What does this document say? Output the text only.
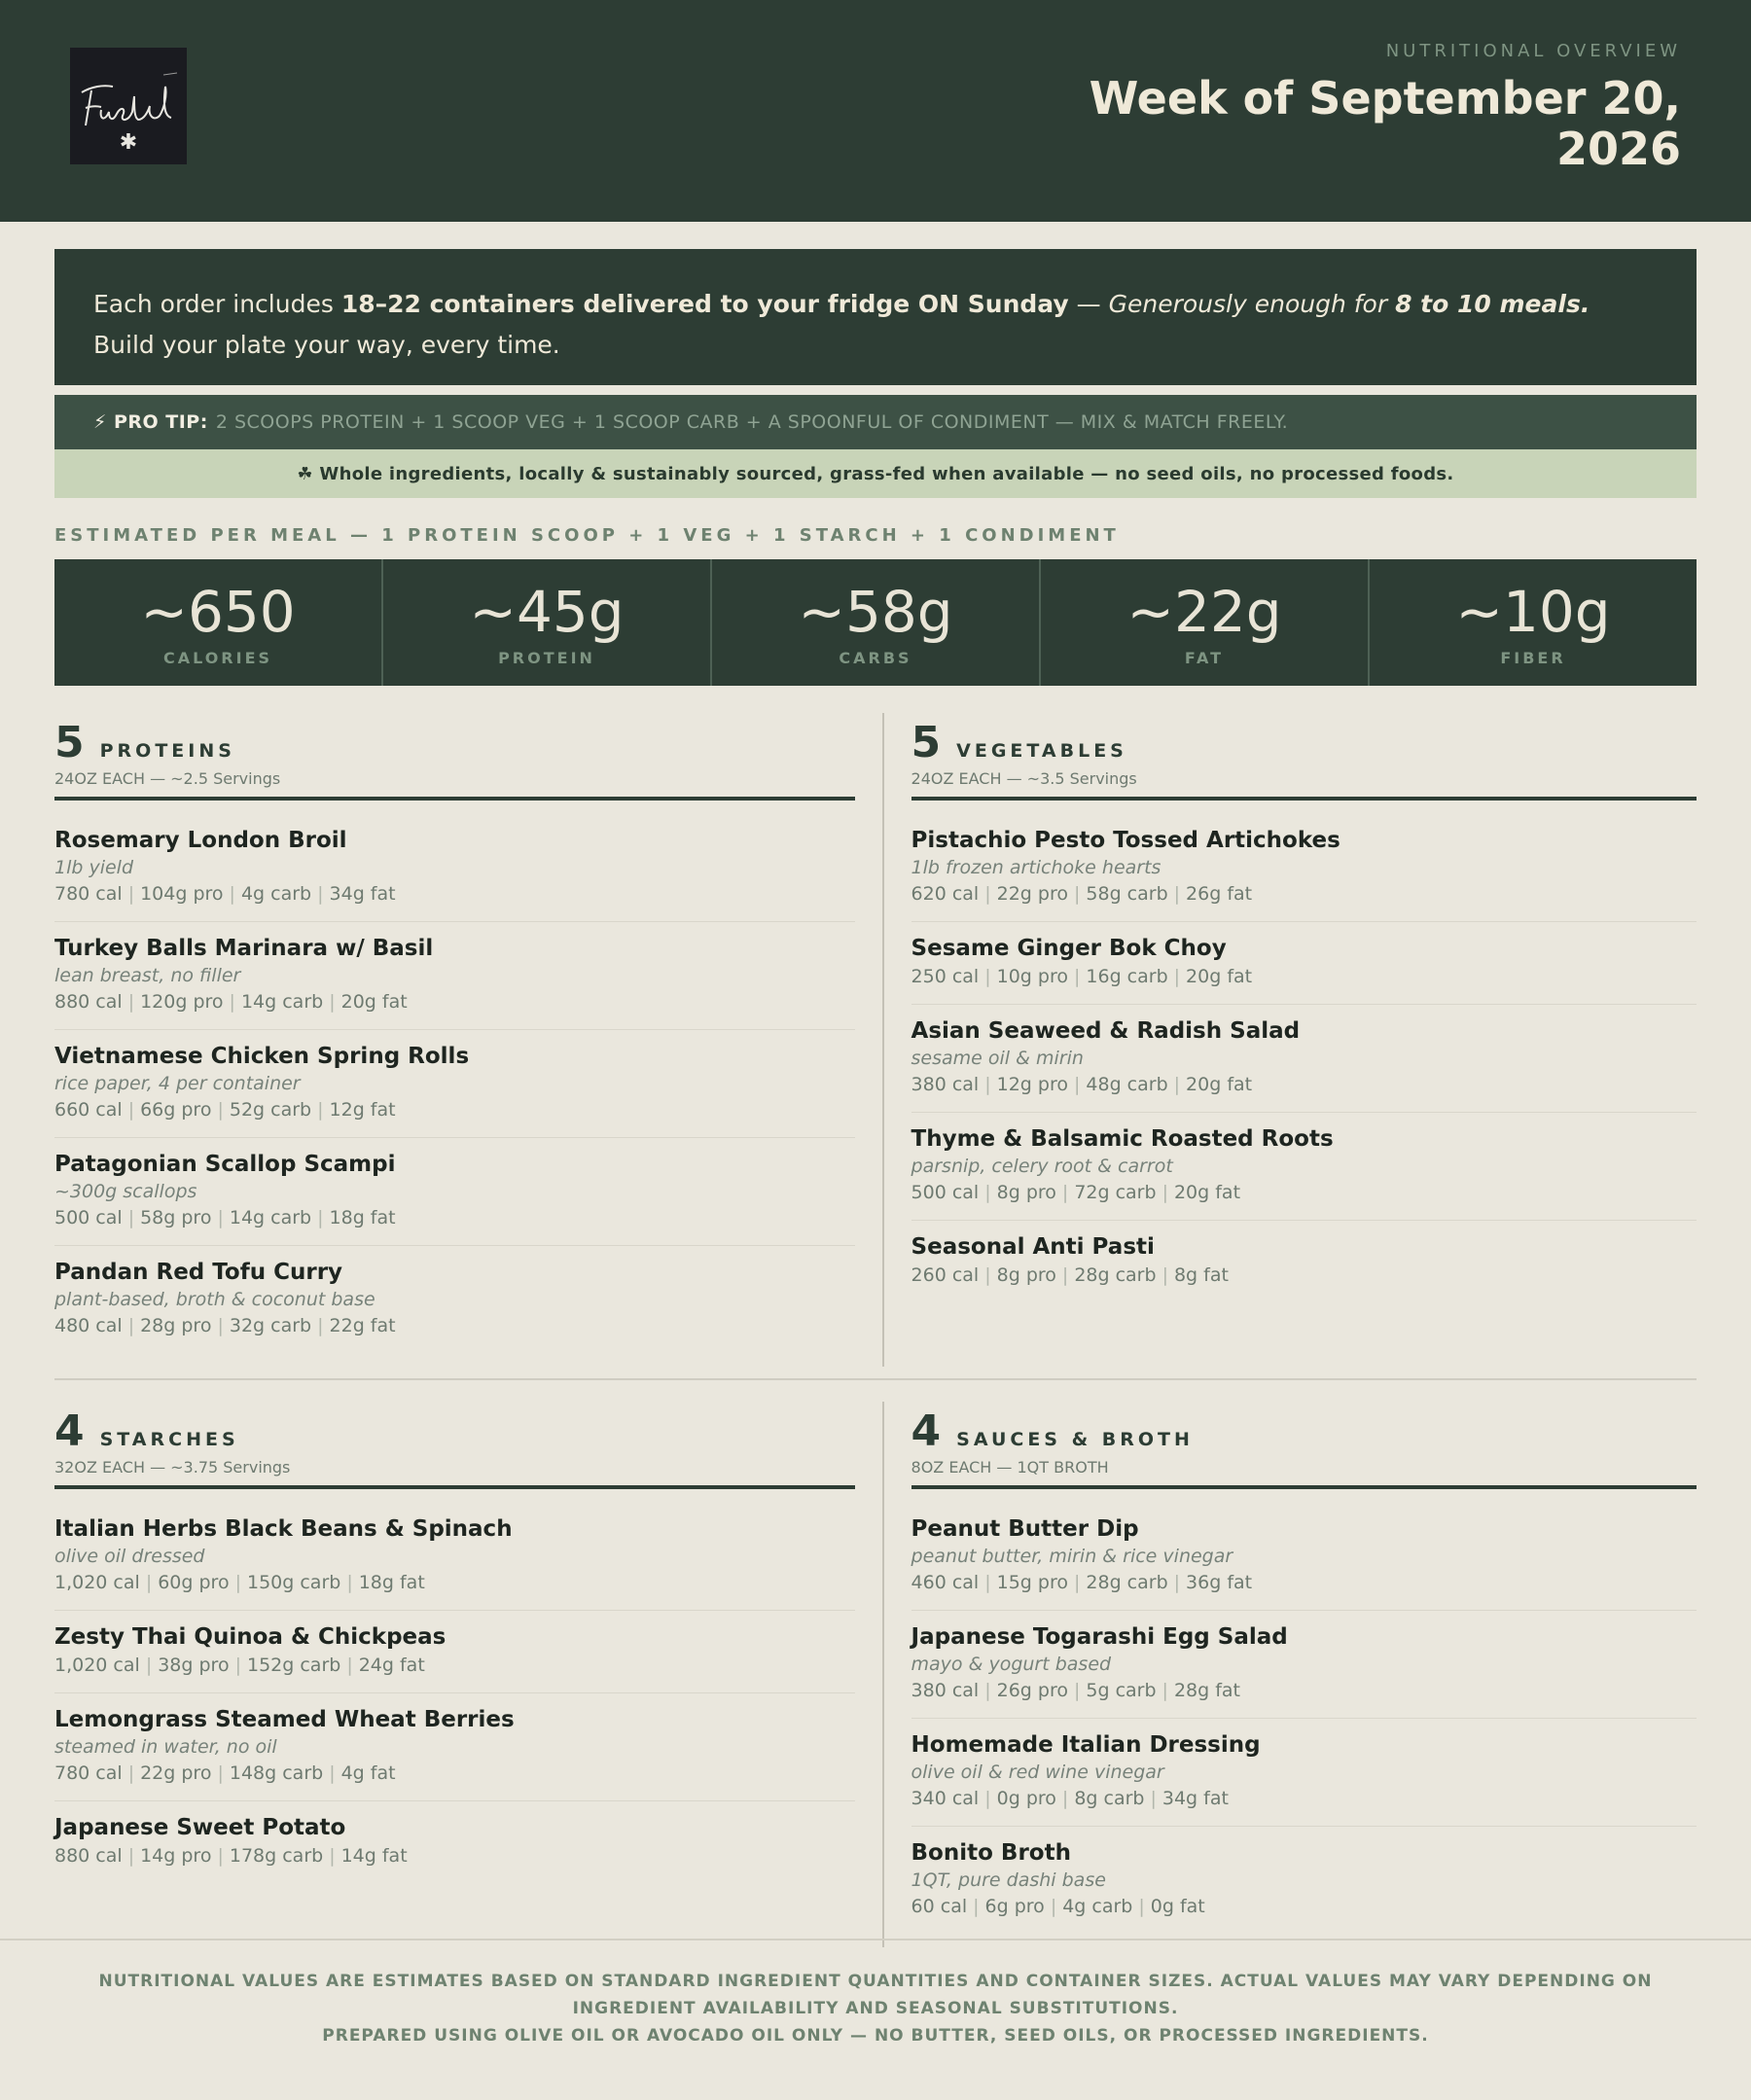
✱
NUTRITIONAL OVERVIEW
Week of September 20, 2026
Each order includes 18–22 containers delivered to your fridge ON Sunday — Generously enough for 8 to 10 meals.
Build your plate your way, every time.
⚡ PRO TIP: 2 SCOOPS PROTEIN + 1 SCOOP VEG + 1 SCOOP CARB + A SPOONFUL OF CONDIMENT — MIX & MATCH FREELY.
☘ Whole ingredients, locally & sustainably sourced, grass-fed when available — no seed oils, no processed foods.
ESTIMATED PER MEAL — 1 PROTEIN SCOOP + 1 VEG + 1 STARCH + 1 CONDIMENT
~650
CALORIES
~45g
PROTEIN
~58g
CARBS
~22g
FAT
~10g
FIBER
5 PROTEINS
24OZ EACH — ~2.5 Servings
Rosemary London Broil
1lb yield
780 cal | 104g pro | 4g carb | 34g fat
Turkey Balls Marinara w/ Basil
lean breast, no filler
880 cal | 120g pro | 14g carb | 20g fat
Vietnamese Chicken Spring Rolls
rice paper, 4 per container
660 cal | 66g pro | 52g carb | 12g fat
Patagonian Scallop Scampi
~300g scallops
500 cal | 58g pro | 14g carb | 18g fat
Pandan Red Tofu Curry
plant-based, broth & coconut base
480 cal | 28g pro | 32g carb | 22g fat
5 VEGETABLES
24OZ EACH — ~3.5 Servings
Pistachio Pesto Tossed Artichokes
1lb frozen artichoke hearts
620 cal | 22g pro | 58g carb | 26g fat
Sesame Ginger Bok Choy
250 cal | 10g pro | 16g carb | 20g fat
Asian Seaweed & Radish Salad
sesame oil & mirin
380 cal | 12g pro | 48g carb | 20g fat
Thyme & Balsamic Roasted Roots
parsnip, celery root & carrot
500 cal | 8g pro | 72g carb | 20g fat
Seasonal Anti Pasti
260 cal | 8g pro | 28g carb | 8g fat
4 STARCHES
32OZ EACH — ~3.75 Servings
Italian Herbs Black Beans & Spinach
olive oil dressed
1,020 cal | 60g pro | 150g carb | 18g fat
Zesty Thai Quinoa & Chickpeas
1,020 cal | 38g pro | 152g carb | 24g fat
Lemongrass Steamed Wheat Berries
steamed in water, no oil
780 cal | 22g pro | 148g carb | 4g fat
Japanese Sweet Potato
880 cal | 14g pro | 178g carb | 14g fat
4 SAUCES & BROTH
8OZ EACH — 1QT BROTH
Peanut Butter Dip
peanut butter, mirin & rice vinegar
460 cal | 15g pro | 28g carb | 36g fat
Japanese Togarashi Egg Salad
mayo & yogurt based
380 cal | 26g pro | 5g carb | 28g fat
Homemade Italian Dressing
olive oil & red wine vinegar
340 cal | 0g pro | 8g carb | 34g fat
Bonito Broth
1QT, pure dashi base
60 cal | 6g pro | 4g carb | 0g fat

NUTRITIONAL VALUES ARE ESTIMATES BASED ON STANDARD INGREDIENT QUANTITIES AND CONTAINER SIZES. ACTUAL VALUES MAY VARY DEPENDING ON INGREDIENT AVAILABILITY AND SEASONAL SUBSTITUTIONS.

PREPARED USING OLIVE OIL OR AVOCADO OIL ONLY — NO BUTTER, SEED OILS, OR PROCESSED INGREDIENTS.
